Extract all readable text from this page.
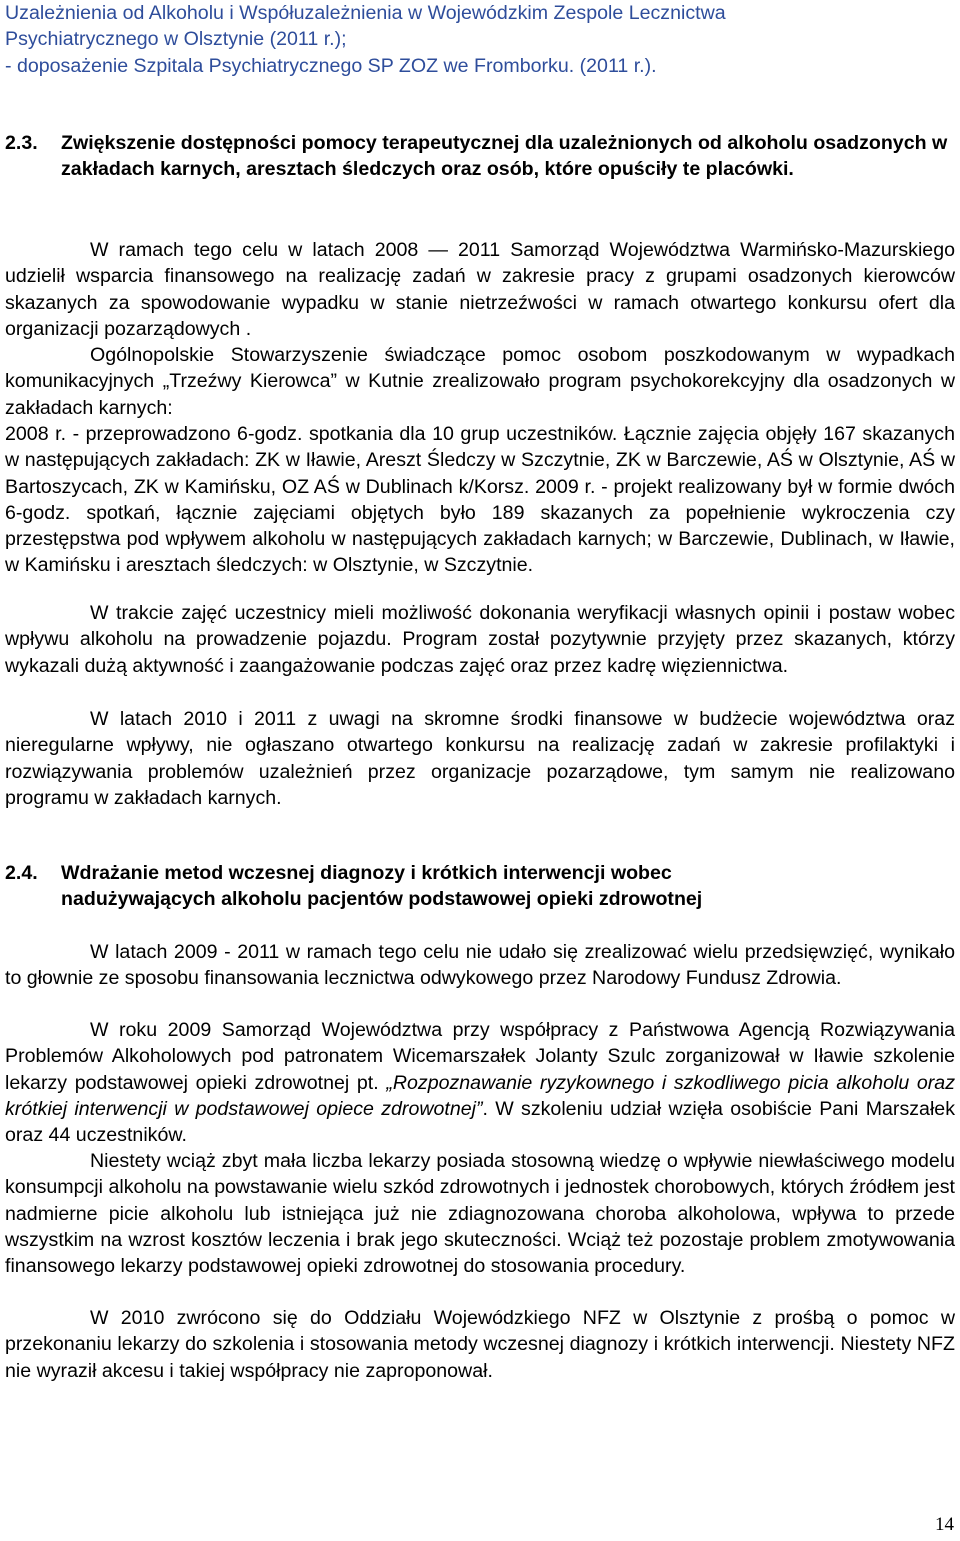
Uzależnienia od Alkoholu i Współuzależnienia w Wojewódzkim Zespole Lecznictwa
Psychiatrycznego w Olsztynie (2011 r.);
- doposażenie Szpitala Psychiatrycznego SP ZOZ we Fromborku. (2011 r.).
2.3. Zwiększenie dostępności pomocy terapeutycznej dla uzależnionych od alkoholu osadzonych w zakładach karnych, aresztach śledczych oraz osób, które opuściły te placówki.

W ramach tego celu w latach 2008 — 2011 Samorząd Województwa Warmińsko-Mazurskiego udzielił wsparcia finansowego na realizację zadań w zakresie pracy z grupami osadzonych kierowców skazanych za spowodowanie wypadku w stanie nietrzeźwości w ramach otwartego konkursu ofert dla organizacji pozarządowych .

Ogólnopolskie Stowarzyszenie świadczące pomoc osobom poszkodowanym w wypadkach komunikacyjnych „Trzeźwy Kierowca” w Kutnie zrealizowało program psychokorekcyjny dla osadzonych w zakładach karnych:

2008 r. - przeprowadzono 6-godz. spotkania dla 10 grup uczestników. Łącznie zajęcia objęły 167 skazanych w następujących zakładach: ZK w Iławie, Areszt Śledczy w Szczytnie, ZK w Barczewie, AŚ w Olsztynie, AŚ w Bartoszycach, ZK w Kamińsku, OZ AŚ w Dublinach k/Korsz. 2009 r. - projekt realizowany był w formie dwóch 6-godz. spotkań, łącznie zajęciami objętych było 189 skazanych za popełnienie wykroczenia czy przestępstwa pod wpływem alkoholu w następujących zakładach karnych; w Barczewie, Dublinach, w Iławie, w Kamińsku i aresztach śledczych: w Olsztynie, w Szczytnie.

W trakcie zajęć uczestnicy mieli możliwość dokonania weryfikacji własnych opinii i postaw wobec wpływu alkoholu na prowadzenie pojazdu. Program został pozytywnie przyjęty przez skazanych, którzy wykazali dużą aktywność i zaangażowanie podczas zajęć oraz przez kadrę więziennictwa.

W latach 2010 i 2011 z uwagi na skromne środki finansowe w budżecie województwa oraz nieregularne wpływy, nie ogłaszano otwartego konkursu na realizację zadań w zakresie profilaktyki i rozwiązywania problemów uzależnień przez organizacje pozarządowe, tym samym nie realizowano programu w zakładach karnych.

2.4. Wdrażanie metod wczesnej diagnozy i krótkich interwencji wobec nadużywających alkoholu pacjentów podstawowej opieki zdrowotnej

W latach 2009 - 2011 w ramach tego celu nie udało się zrealizować wielu przedsięwzięć, wynikało to głownie ze sposobu finansowania lecznictwa odwykowego przez Narodowy Fundusz Zdrowia.

W roku 2009 Samorząd Województwa przy współpracy z Państwowa Agencją Rozwiązywania Problemów Alkoholowych pod patronatem Wicemarszałek Jolanty Szulc zorganizował w Iławie szkolenie lekarzy podstawowej opieki zdrowotnej pt. „Rozpoznawanie ryzykownego i szkodliwego picia alkoholu oraz krótkiej interwencji w podstawowej opiece zdrowotnej”. W szkoleniu udział wzięła osobiście Pani Marszałek oraz 44 uczestników.

Niestety wciąż zbyt mała liczba lekarzy posiada stosowną wiedzę o wpływie niewłaściwego modelu konsumpcji alkoholu na powstawanie wielu szkód zdrowotnych i jednostek chorobowych, których źródłem jest nadmierne picie alkoholu lub istniejąca już nie zdiagnozowana choroba alkoholowa, wpływa to przede wszystkim na wzrost kosztów leczenia i brak jego skuteczności. Wciąż też pozostaje problem zmotywowania finansowego lekarzy podstawowej opieki zdrowotnej do stosowania procedury.

W 2010 zwrócono się do Oddziału Wojewódzkiego NFZ w Olsztynie z prośbą o pomoc w przekonaniu lekarzy do szkolenia i stosowania metody wczesnej diagnozy i krótkich interwencji. Niestety NFZ nie wyraził akcesu i takiej współpracy nie zaproponował.

14
